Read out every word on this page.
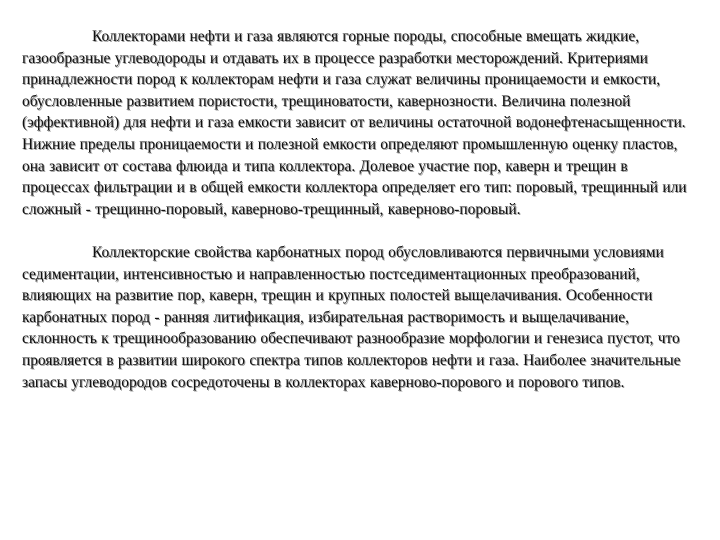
Коллекторами нефти и газа являются горные породы, способные вмещать жидкие, газообразные углеводороды и отдавать их в процессе разработки месторождений. Критериями принадлежности пород к коллекторам нефти и газа служат величины проницаемости и емкости, обусловленные развитием пористости, трещиноватости, кавернозности. Величина полезной (эффективной) для нефти и газа емкости зависит от величины остаточной водонефтенасыщенности. Нижние пределы проницаемости и полезной емкости определяют промышленную оценку пластов, она зависит от состава флюида и типа коллектора. Долевое участие пор, каверн и трещин в процессах фильтрации и в общей емкости коллектора определяет его тип: поровый, трещинный или сложный - трещинно-поровый, каверново-трещинный, каверново-поровый.

Коллекторские свойства карбонатных пород обусловливаются первичными условиями седиментации, интенсивностью и направленностью постседиментационных преобразований, влияющих на развитие пор, каверн, трещин и крупных полостей выщелачивания. Особенности карбонатных пород - ранняя литификация, избирательная растворимость и выщелачивание, склонность к трещинообразованию обеспечивают разнообразие морфологии и генезиса пустот, что проявляется в развитии широкого спектра типов коллекторов нефти и газа. Наиболее значительные запасы углеводородов сосредоточены в коллекторах каверново-порового и порового типов.
